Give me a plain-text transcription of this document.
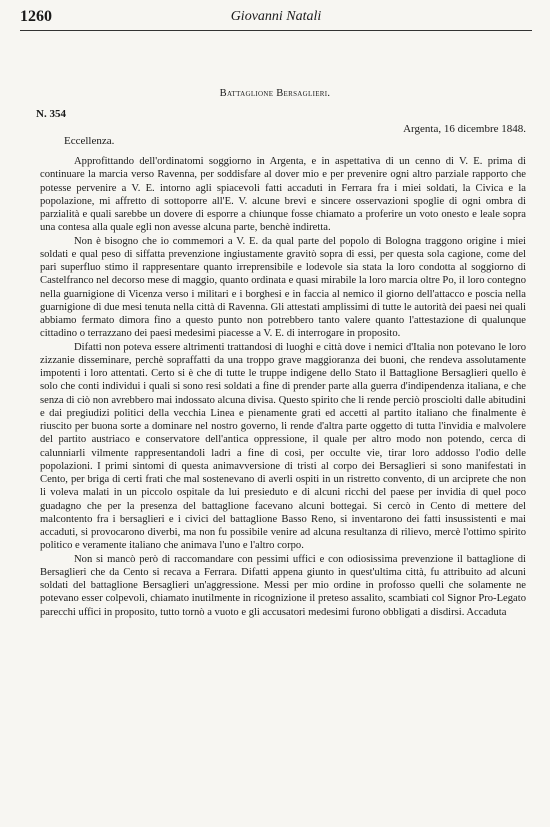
1260	Giovanni Natali
Battaglione Bersaglieri.
N. 354
Argenta, 16 dicembre 1848.
Eccellenza.

Approfittando dell'ordinatomi soggiorno in Argenta, e in aspettativa di un cenno di V. E. prima di continuare la marcia verso Ravenna, per soddisfare al dover mio e per prevenire ogni altro parziale rapporto che potesse pervenire a V. E. intorno agli spiacevoli fatti accaduti in Ferrara fra i miei soldati, la Civica e la popolazione, mi affretto di sottoporre all'E. V. alcune brevi e sincere osservazioni spoglie di ogni ombra di parzialità e quali sarebbe un dovere di esporre a chiunque fosse chiamato a proferire un voto onesto e leale sopra una contesa alla quale egli non avesse alcuna parte, benchè indiretta.

Non è bisogno che io commemori a V. E. da qual parte del popolo di Bologna traggono origine i miei soldati e qual peso di siffatta prevenzione ingiustamente gravitò sopra di essi, per questa sola cagione, come del pari superfluo stimo il rappresentare quanto irreprensibile e lodevole sia stata la loro condotta al soggiorno di Castelfranco nel decorso mese di maggio, quanto ordinata e quasi mirabile la loro marcia oltre Po, il loro contegno nella guarnigione di Vicenza verso i militari e i borghesi e in faccia al nemico il giorno dell'attacco e poscia nella guarnigione di due mesi tenuta nella città di Ravenna. Gli attestati amplissimi di tutte le autorità dei paesi nei quali abbiamo fermato dimora fino a questo punto non potrebbero tanto valere quanto l'attestazione di qualunque cittadino o terrazzano dei paesi medesimi piacesse a V. E. di interrogare in proposito.

Difatti non poteva essere altrimenti trattandosi di luoghi e città dove i nemici d'Italia non potevano le loro zizzanie disseminare, perchè sopraffatti da una troppo grave maggioranza dei buoni, che rendeva assolutamente impotenti i loro attentati. Certo si è che di tutte le truppe indigene dello Stato il Battaglione Bersaglieri quello è solo che conti individui i quali si sono resi soldati a fine di prender parte alla guerra d'indipendenza italiana, e che senza di ciò non avrebbero mai indossato alcuna divisa. Questo spirito che li rende perciò proscioltі dalle abitudini e dai pregiudizi politici della vecchia Linea e pienamente grati ed accetti al partito italiano che finalmente è riuscito per buona sorte a dominare nel nostro governo, li rende d'altra parte oggetto di tutta l'invidia e malvolere del partito austriaco e conservatore dell'antica oppressione, il quale per altro modo non potendo, cerca di calunniarli vilmente rappresentandoli ladri a fine di così, per occulte vie, tirar loro addosso l'odio delle popolazioni. I primi sintomi di questa animavversione di tristi al corpo dei Bersaglieri si sono manifestati in Cento, per briga di certi frati che mal sostenevano di averli ospiti in un ristretto convento, di un arciprete che non li voleva malati in un piccolo ospitale da lui presieduto e di alcuni ricchi del paese per invidia di quel poco guadagno che per la presenza del battaglione facevano alcuni bottegai. Si cercò in Cento di mettere del malcontento fra i bersaglieri e i civici del battaglione Basso Reno, si inventarono dei fatti insussistenti e mai accaduti, si provocarono diverbi, ma non fu possibile venire ad alcuna resultanza di rilievo, mercè l'ottimo spirito politico e veramente italiano che animava l'uno e l'altro corpo.

Non si mancò però di raccomandare con pessimi uffici e con odiosissima prevenzione il battaglione di Bersaglieri che da Cento si recava a Ferrara. Difatti appena giunto in quest'ultima città, fu attribuito ad alcuni soldati del battaglione Bersaglieri un'aggressione. Messi per mio ordine in profosso quelli che solamente ne potevano esser colpevoli, chiamato inutilmente in ricognizione il preteso assalito, scambiati col Signor Pro-Legato parecchi uffici in proposito, tutto tornò a vuoto e gli accusatori medesimi furono obbligati a disdirsi. Accaduta
